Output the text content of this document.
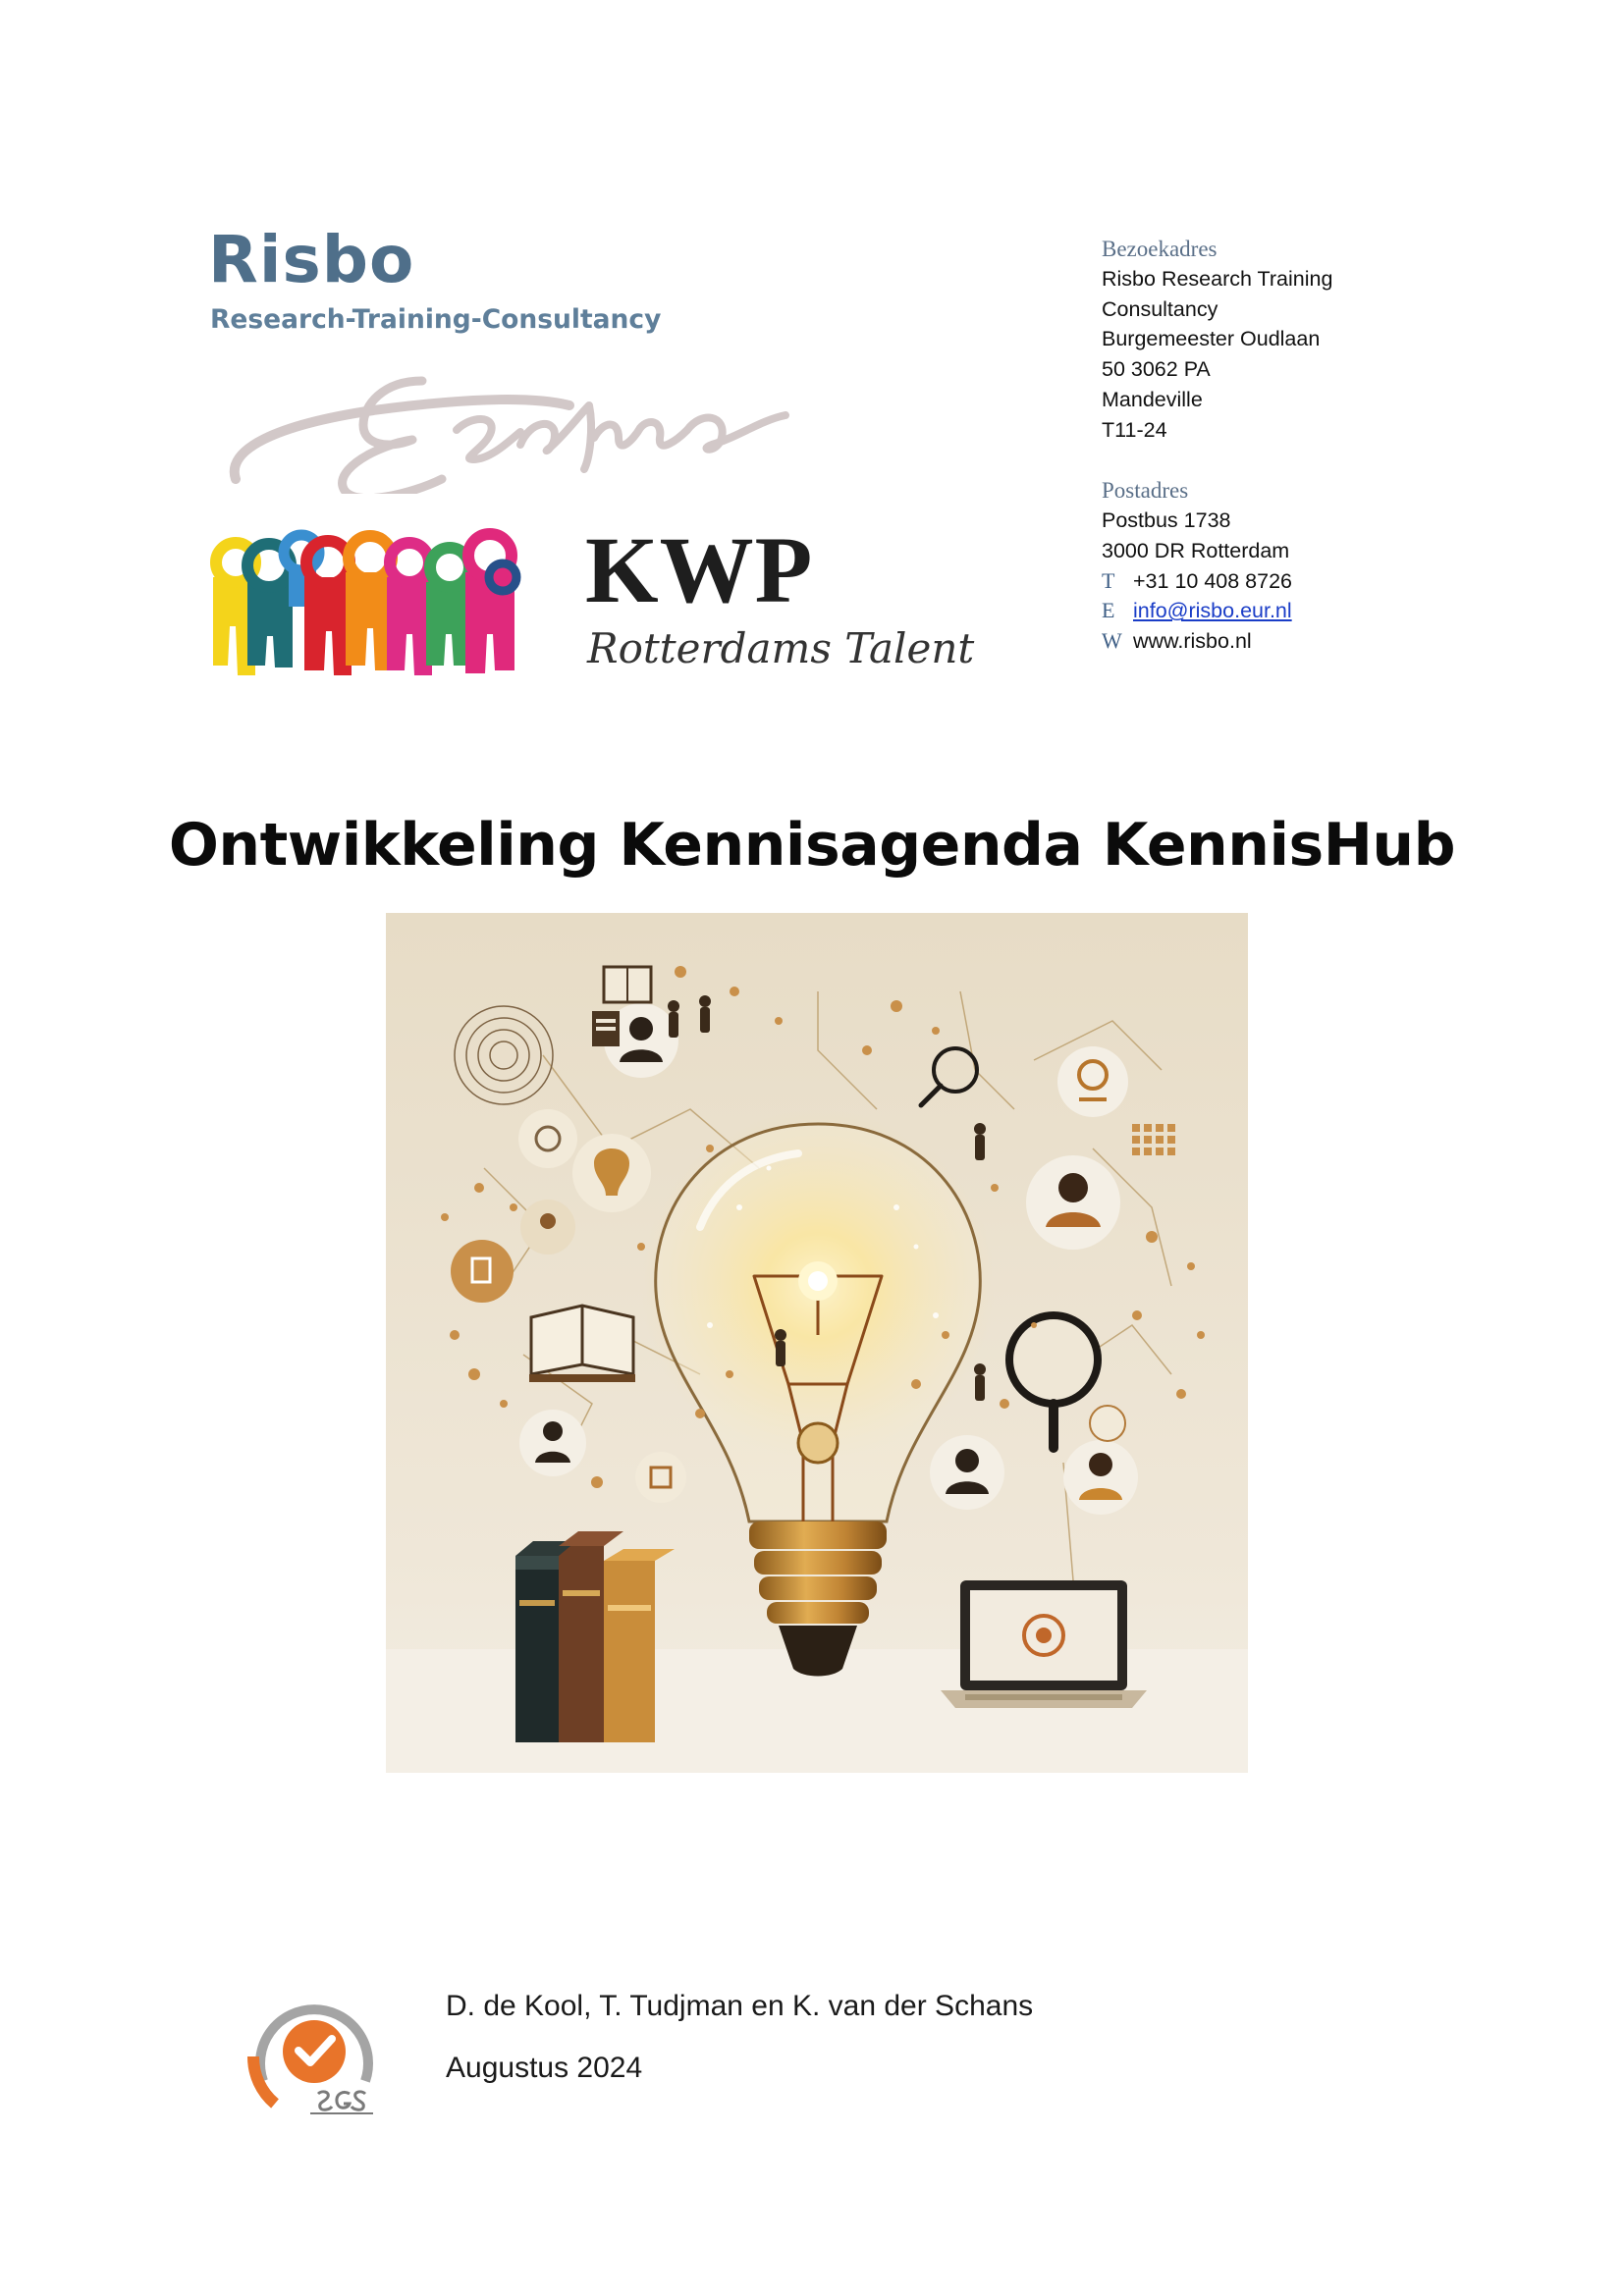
Risbo
Research-Training-Consultancy
KWP
Rotterdams Talent
Bezoekadres
Risbo Research Training
Consultancy
Burgemeester Oudlaan
50 3062 PA
Mandeville
T11-24
Postadres
Postbus 1738
3000 DR Rotterdam
T +31 10 408 8726
E info@risbo.eur.nl
W www.risbo.nl
Ontwikkeling Kennisagenda KennisHub
D. de Kool, T. Tudjman en K. van der Schans
Augustus 2024
